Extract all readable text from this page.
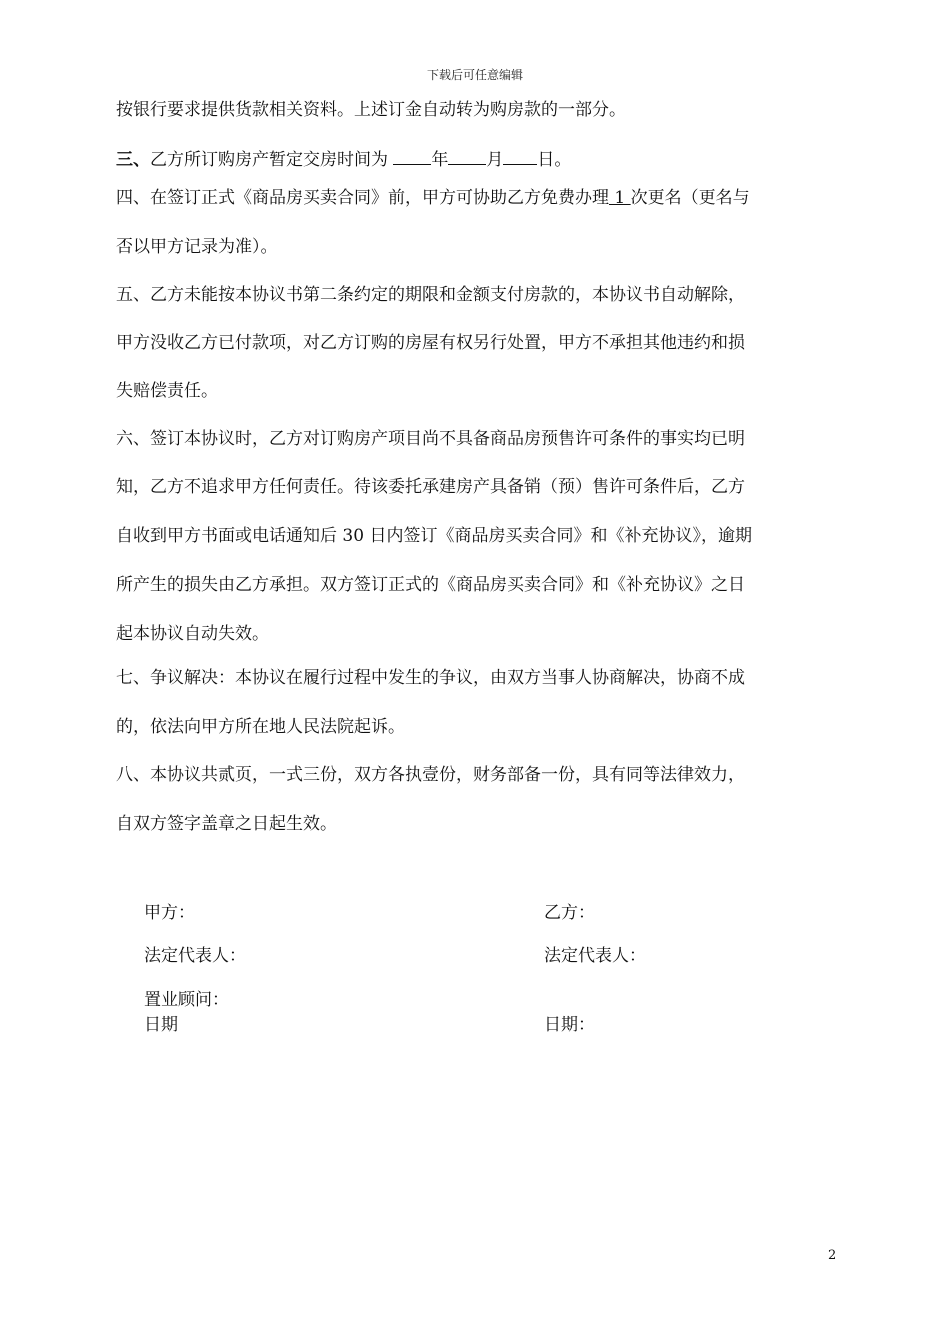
下载后可任意编辑
按银行要求提供货款相关资料。上述订金自动转为购房款的一部分。
三、乙方所订购房产暂定交房时间为 年 月 日。
四、在签订正式《商品房买卖合同》前，甲方可协助乙方免费办理 1 次更名（更名与
否以甲方记录为准）。
五、乙方未能按本协议书第二条约定的期限和金额支付房款的，本协议书自动解除，
甲方没收乙方已付款项，对乙方订购的房屋有权另行处置，甲方不承担其他违约和损
失赔偿责任。
六、签订本协议时，乙方对订购房产项目尚不具备商品房预售许可条件的事实均已明
知，乙方不追求甲方任何责任。待该委托承建房产具备销（预）售许可条件后，乙方
自收到甲方书面或电话通知后 30 日内签订《商品房买卖合同》和《补充协议》，逾期
所产生的损失由乙方承担。双方签订正式的《商品房买卖合同》和《补充协议》之日
起本协议自动失效。
七、争议解决：本协议在履行过程中发生的争议，由双方当事人协商解决，协商不成
的，依法向甲方所在地人民法院起诉。
八、本协议共贰页，一式三份，双方各执壹份，财务部备一份，具有同等法律效力，
自双方签字盖章之日起生效。
甲方：	乙方：
法定代表人：	法定代表人：
置业顾问：
日期	日期：
2
